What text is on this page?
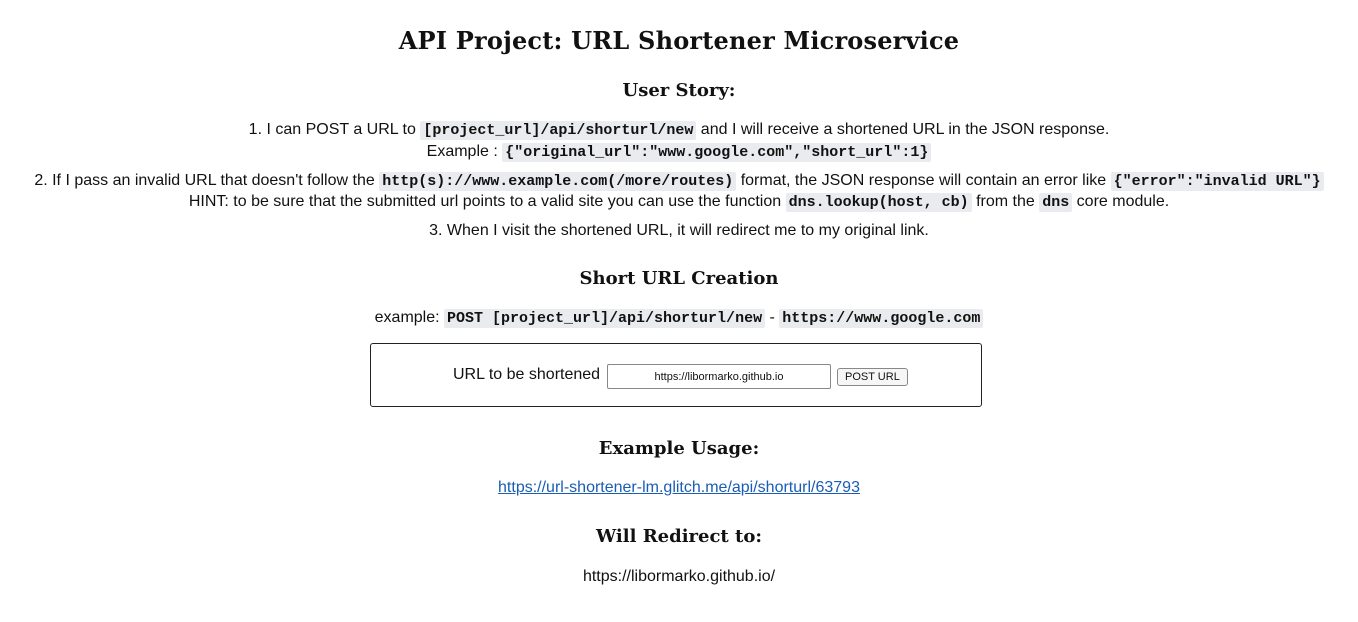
API Project: URL Shortener Microservice
User Story:
1. I can POST a URL to [project_url]/api/shorturl/new and I will receive a shortened URL in the JSON response.
Example : {"original_url":"www.google.com","short_url":1}
2. If I pass an invalid URL that doesn't follow the http(s)://www.example.com(/more/routes) format, the JSON response will contain an error like {"error":"invalid URL"}
HINT: to be sure that the submitted url points to a valid site you can use the function dns.lookup(host, cb) from the dns core module.
3. When I visit the shortened URL, it will redirect me to my original link.
Short URL Creation
example: POST [project_url]/api/shorturl/new - https://www.google.com
URL to be shortened
https://libormarko.github.io	POST URL
Example Usage:
https://url-shortener-lm.glitch.me/api/shorturl/63793
Will Redirect to:
https://libormarko.github.io/
